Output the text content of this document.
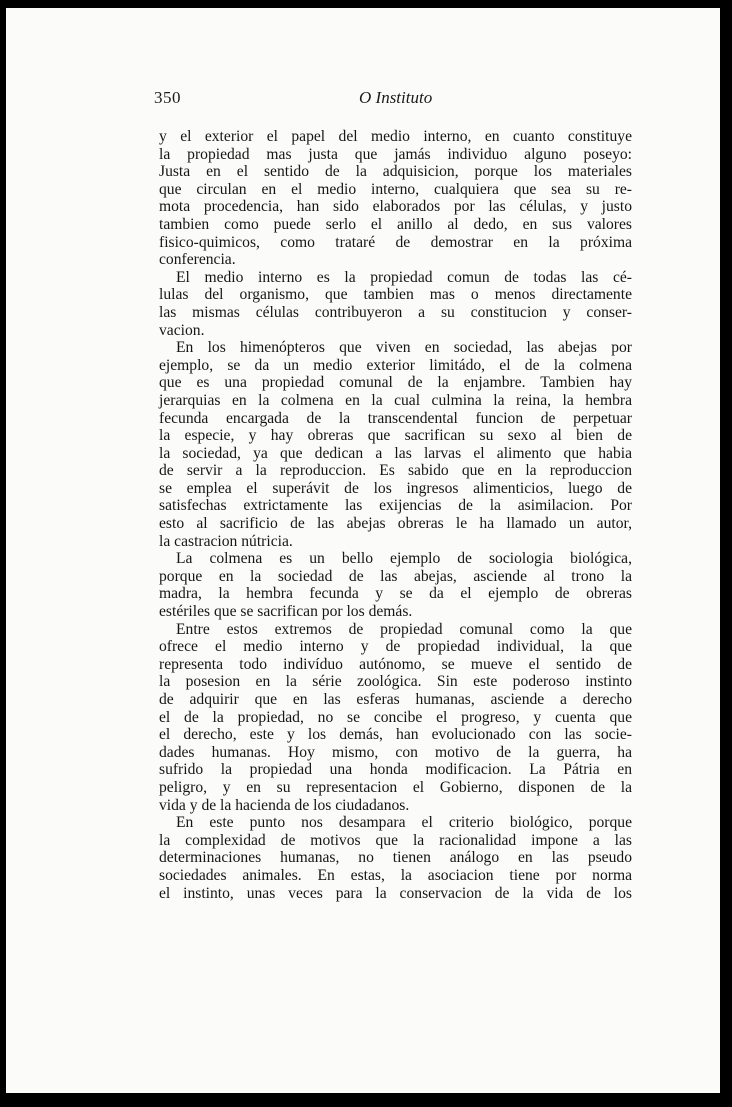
350	O Instituto

y el exterior el papel del medio interno, en cuanto constituye

la propiedad mas justa que jamás individuo alguno poseyo:

Justa en el sentido de la adquisicion, porque los materiales

que circulan en el medio interno, cualquiera que sea su re-

mota procedencia, han sido elaborados por las células, y justo

tambien como puede serlo el anillo al dedo, en sus valores

fisico-quimicos, como trataré de demostrar en la próxima

conferencia.

El medio interno es la propiedad comun de todas las cé-

lulas del organismo, que tambien mas o menos directamente

las mismas células contribuyeron a su constitucion y conser-

vacion.

En los himenópteros que viven en sociedad, las abejas por

ejemplo, se da un medio exterior limitádo, el de la colmena

que es una propiedad comunal de la enjambre. Tambien hay

jerarquias en la colmena en la cual culmina la reina, la hembra

fecunda encargada de la transcendental funcion de perpetuar

la especie, y hay obreras que sacrifican su sexo al bien de

la sociedad, ya que dedican a las larvas el alimento que habia

de servir a la reproduccion. Es sabido que en la reproduccion

se emplea el superávit de los ingresos alimenticios, luego de

satisfechas extrictamente las exijencias de la asimilacion. Por

esto al sacrificio de las abejas obreras le ha llamado un autor,

la castracion nútricia.

La colmena es un bello ejemplo de sociologia biológica,

porque en la sociedad de las abejas, asciende al trono la

madra, la hembra fecunda y se da el ejemplo de obreras

estériles que se sacrifican por los demás.

Entre estos extremos de propiedad comunal como la que

ofrece el medio interno y de propiedad individual, la que

representa todo indivíduo autónomo, se mueve el sentido de

la posesion en la série zoológica. Sin este poderoso instinto

de adquirir que en las esferas humanas, asciende a derecho

el de la propiedad, no se concibe el progreso, y cuenta que

el derecho, este y los demás, han evolucionado con las socie-

dades humanas. Hoy mismo, con motivo de la guerra, ha

sufrido la propiedad una honda modificacion. La Pátria en

peligro, y en su representacion el Gobierno, disponen de la

vida y de la hacienda de los ciudadanos.

En este punto nos desampara el criterio biológico, porque

la complexidad de motivos que la racionalidad impone a las

determinaciones humanas, no tienen análogo en las pseudo

sociedades animales. En estas, la asociacion tiene por norma

el instinto, unas veces para la conservacion de la vida de los
